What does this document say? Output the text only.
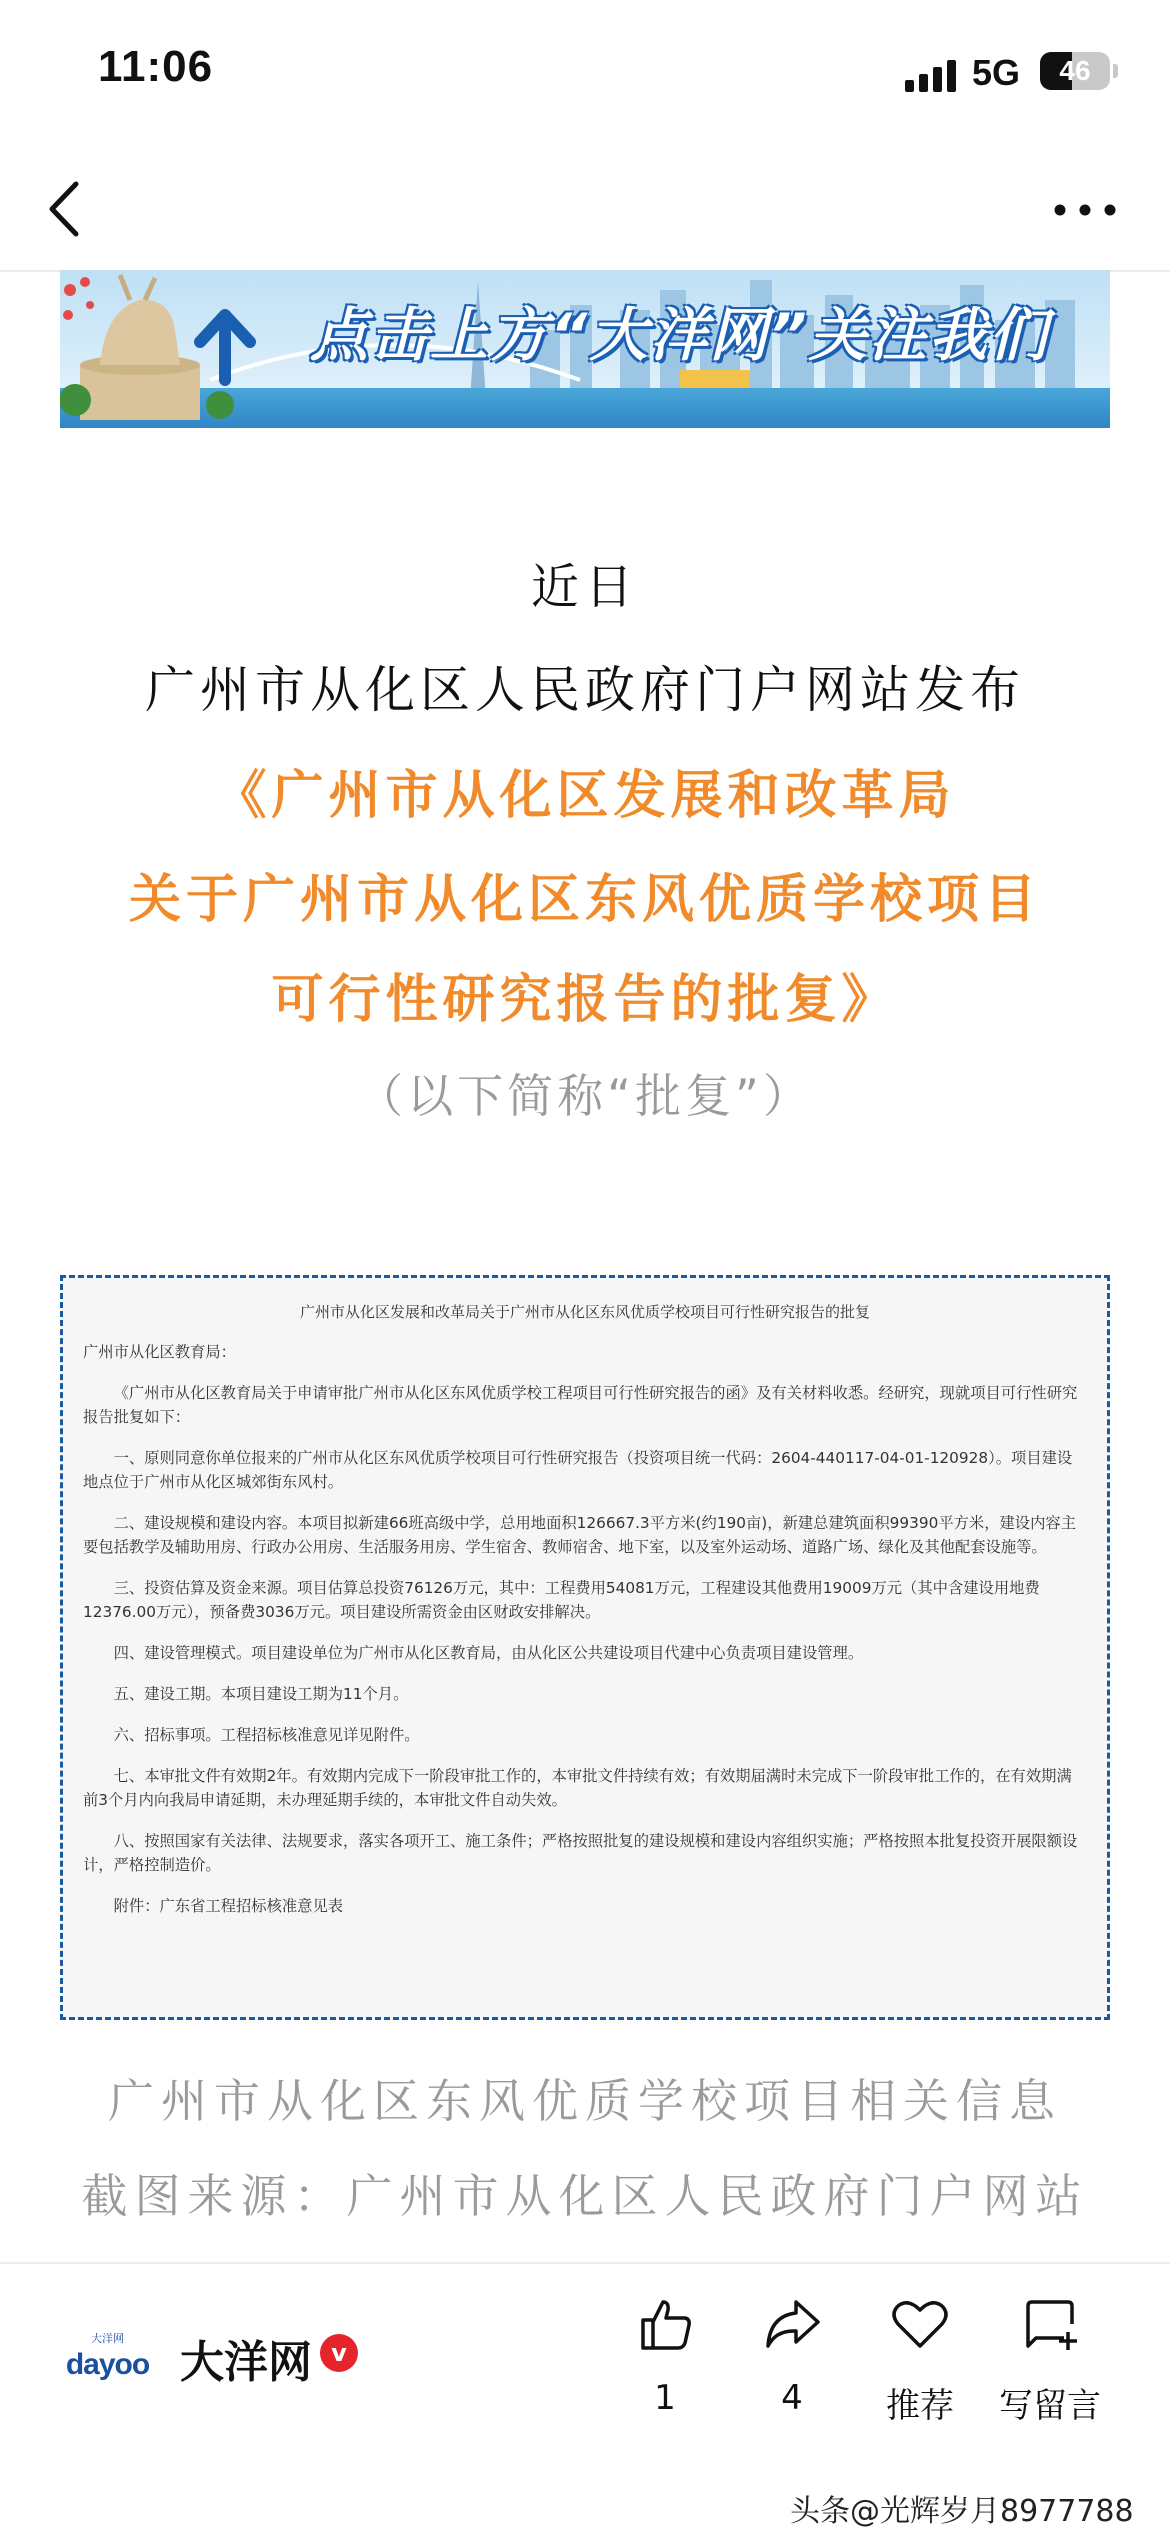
11:06	5G	46
点击上方“大洋网”关注我们
近日
广州市从化区人民政府门户网站发布
《广州市从化区发展和改革局
关于广州市从化区东风优质学校项目
可行性研究报告的批复》
（以下简称“批复”）
广州市从化区发展和改革局关于广州市从化区东风优质学校项目可行性研究报告的批复

广州市从化区教育局：

《广州市从化区教育局关于申请审批广州市从化区东风优质学校工程项目可行性研究报告的函》及有关材料收悉。经研究，现就项目可行性研究报告批复如下：

一、原则同意你单位报来的广州市从化区东风优质学校项目可行性研究报告（投资项目统一代码：2604-440117-04-01-120928）。项目建设地点位于广州市从化区城郊街东风村。

二、建设规模和建设内容。本项目拟新建66班高级中学，总用地面积126667.3平方米(约190亩)，新建总建筑面积99390平方米，建设内容主要包括教学及辅助用房、行政办公用房、生活服务用房、学生宿舍、教师宿舍、地下室，以及室外运动场、道路广场、绿化及其他配套设施等。

三、投资估算及资金来源。项目估算总投资76126万元，其中：工程费用54081万元，工程建设其他费用19009万元（其中含建设用地费12376.00万元），预备费3036万元。项目建设所需资金由区财政安排解决。

四、建设管理模式。项目建设单位为广州市从化区教育局，由从化区公共建设项目代建中心负责项目建设管理。

五、建设工期。本项目建设工期为11个月。

六、招标事项。工程招标核准意见详见附件。

七、本审批文件有效期2年。有效期内完成下一阶段审批工作的，本审批文件持续有效；有效期届满时未完成下一阶段审批工作的，在有效期满前3个月内向我局申请延期，未办理延期手续的，本审批文件自动失效。

八、按照国家有关法律、法规要求，落实各项开工、施工条件；严格按照批复的建设规模和建设内容组织实施；严格按照本批复投资开展限额设计，严格控制造价。

附件：广东省工程招标核准意见表

广州市从化区东风优质学校项目相关信息
截图来源：广州市从化区人民政府门户网站
大洋网
dayoo 大洋网 v
1	4	推荐	写留言
头条@光辉岁月8977788
